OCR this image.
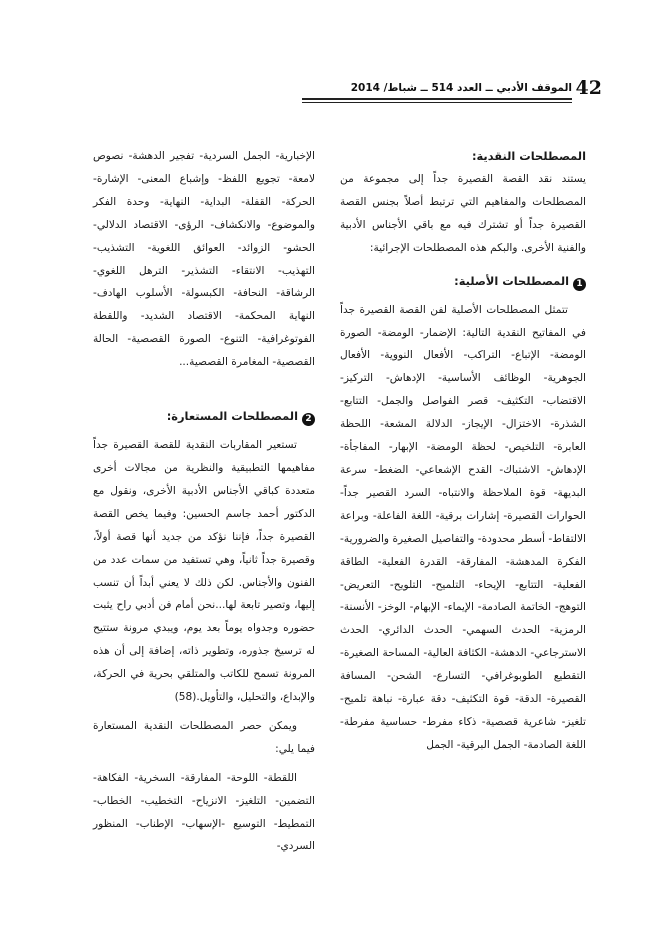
42
الموقف الأدبي ــ العدد 514 ــ شباط/ 2014

المصطلحات النقدية:

يستند نقد القصة القصيرة جداً إلى مجموعة من المصطلحات والمفاهيم التي ترتبط أصلاً بجنس القصة القصيرة جداً أو تشترك فيه مع باقي الأجناس الأدبية والفنية الأخرى. والبكم هذه المصطلحات الإجرائية:

1المصطلحات الأصلية:

تتمثل المصطلحات الأصلية لفن القصة القصيرة جداً في المفاتيح النقدية التالية: الإضمار- الومضة- الصورة الومضة- الإتباع- التراكب- الأفعال النووية- الأفعال الجوهرية- الوظائف الأساسية- الإدهاش- التركيز- الاقتضاب- التكثيف- قصر الفواصل والجمل- التتابع- الشذرة- الاختزال- الإيجاز- الدلالة المشعة- اللحظة العابرة- التلخيص- لحظة الومضة- الإبهار- المفاجأة- الإدهاش- الاشتباك- القدح الإشعاعي- الضغط- سرعة البديهة- قوة الملاحظة والانتباه- السرد القصير جداً- الحوارات القصيرة- إشارات برقية- اللغة الفاعلة- وبراعة الالتقاط- أسطر محدودة- والتفاصيل الصغيرة والضرورية- الفكرة المدهشة- المفارقة- القدرة الفعلية- الطاقة الفعلية- التتابع- الإيحاء- التلميح- التلويح- التعريض- التوهج- الخاتمة الصادمة- الإيماء- الإبهام- الوخز- الأنسنة- الرمزية- الحدث السهمي- الحدث الدائري- الحدث الاسترجاعي- الدهشة- الكثافة العالية- المساحة الصغيرة- التقطيع الطوبوغرافي- التسارع- الشحن- المسافة القصيرة- الدقة- قوة التكثيف- دقة عبارة- نباهة تلميح- تلغيز- شاعرية قصصية- ذكاء مفرط- حساسية مفرطة- اللغة الصادمة- الجمل البرقية- الجمل

الإخبارية- الجمل السردية- تفجير الدهشة- نصوص لامعة- تجويع اللفظ- وإشباع المعنى- الإشارة- الحركة- القفلة- البداية- النهاية- وحدة الفكر والموضوع- والانكشاف- الرؤى- الاقتصاد الدلالي- الحشو- الزوائد- العوائق اللغوية- التشذيب- التهذيب- الانتقاء- التشذير- الترهل اللغوي- الرشاقة- النحافة- الكبسولة- الأسلوب الهادف- النهاية المحكمة- الاقتصاد الشديد- واللقطة الفوتوغرافية- التنوع- الصورة القصصية- الحالة القصصية- المغامرة القصصية...

2المصطلحات المستعارة:

تستعير المقاربات النقدية للقصة القصيرة جداً مفاهيمها التطبيقية والنظرية من مجالات أخرى متعددة كباقي الأجناس الأدبية الأخرى، ونقول مع الدكتور أحمد جاسم الحسين: وفيما يخص القصة القصيرة جداً، فإننا نؤكد من جديد أنها قصة أولاً، وقصيرة جداً ثانياً، وهي تستفيد من سمات عدد من الفنون والأجناس. لكن ذلك لا يعني أبداً أن تنسب إليها، وتصير تابعة لها...نحن أمام فن أدبي راح يثبت حضوره وجدواه يوماً بعد يوم، ويبدي مرونة ستتيح له ترسيخ جذوره، وتطوير ذاته، إضافة إلى أن هذه المرونة تسمح للكاتب والمتلقي بحرية في الحركة، والإبداع، والتحليل، والتأويل.(58)

ويمكن حصر المصطلحات النقدية المستعارة فيما يلي:

اللقطة- اللوحة- المفارقة- السخرية- الفكاهة- التضمين- التلغيز- الانزياح- التخطيب- الخطاب- التمطيط- التوسيع -الإسهاب- الإطناب- المنظور السردي-
